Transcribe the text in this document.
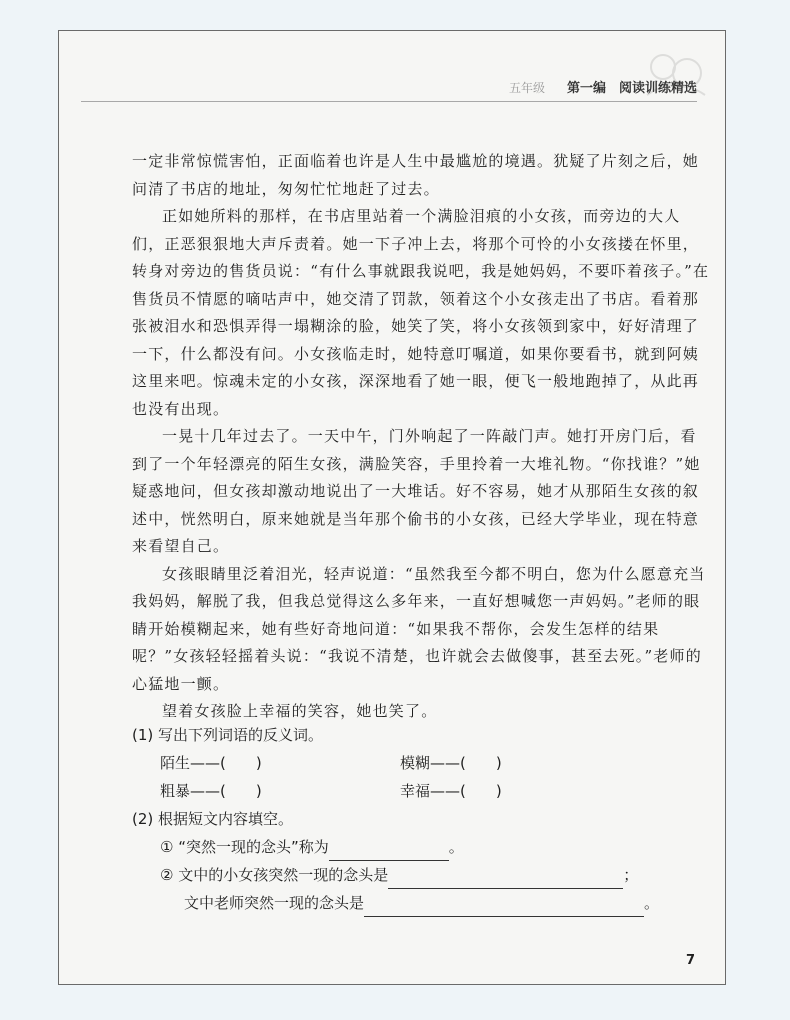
五年级 第一编　阅读训练精选

一定非常惊慌害怕，正面临着也许是人生中最尴尬的境遇。犹疑了片刻之后，她问清了书店的地址，匆匆忙忙地赶了过去。

正如她所料的那样，在书店里站着一个满脸泪痕的小女孩，而旁边的大人们，正恶狠狠地大声斥责着。她一下子冲上去，将那个可怜的小女孩搂在怀里，转身对旁边的售货员说：“有什么事就跟我说吧，我是她妈妈，不要吓着孩子。”在售货员不情愿的嘀咕声中，她交清了罚款，领着这个小女孩走出了书店。看着那张被泪水和恐惧弄得一塌糊涂的脸，她笑了笑，将小女孩领到家中，好好清理了一下，什么都没有问。小女孩临走时，她特意叮嘱道，如果你要看书，就到阿姨这里来吧。惊魂未定的小女孩，深深地看了她一眼，便飞一般地跑掉了，从此再也没有出现。

一晃十几年过去了。一天中午，门外响起了一阵敲门声。她打开房门后，看到了一个年轻漂亮的陌生女孩，满脸笑容，手里拎着一大堆礼物。“你找谁？”她疑惑地问，但女孩却激动地说出了一大堆话。好不容易，她才从那陌生女孩的叙述中，恍然明白，原来她就是当年那个偷书的小女孩，已经大学毕业，现在特意来看望自己。

女孩眼睛里泛着泪光，轻声说道：“虽然我至今都不明白，您为什么愿意充当我妈妈，解脱了我，但我总觉得这么多年来，一直好想喊您一声妈妈。”老师的眼睛开始模糊起来，她有些好奇地问道：“如果我不帮你，会发生怎样的结果呢？”女孩轻轻摇着头说：“我说不清楚，也许就会去做傻事，甚至去死。”老师的心猛地一颤。

望着女孩脸上幸福的笑容，她也笑了。

(1) 写出下列词语的反义词。
陌生——(　　)	模糊——(　　)
粗暴——(　　)	幸福——(　　)
(2) 根据短文内容填空。
① “突然一现的念头”称为	。
② 文中的小女孩突然一现的念头是	；
文中老师突然一现的念头是	。
7
